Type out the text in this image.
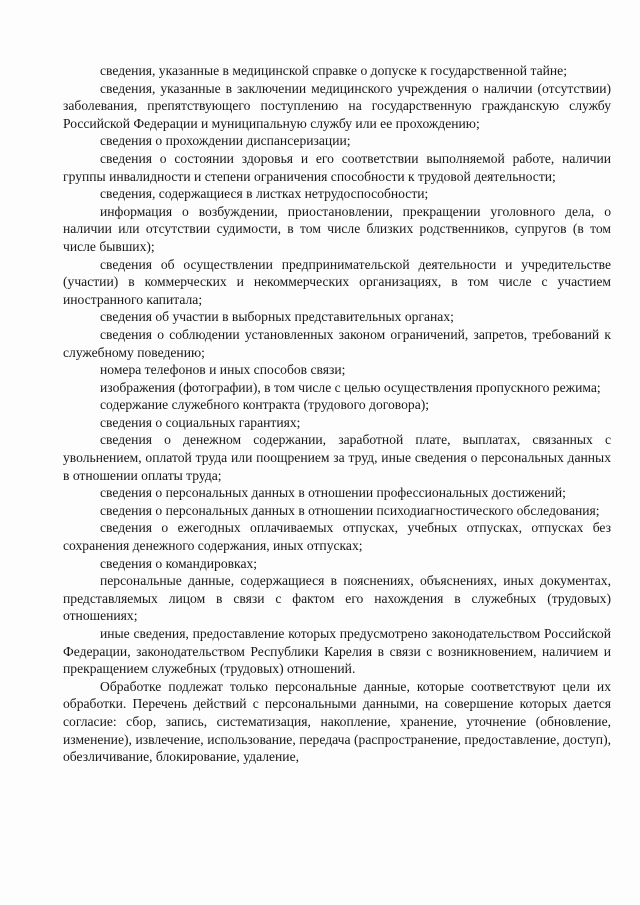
сведения, указанные в медицинской справке о допуске к государственной тайне;

сведения, указанные в заключении медицинского учреждения о наличии (отсутствии) заболевания, препятствующего поступлению на государственную гражданскую службу Российской Федерации и муниципальную службу или ее прохождению;

сведения о прохождении диспансеризации;

сведения о состоянии здоровья и его соответствии выполняемой работе, наличии группы инвалидности и степени ограничения способности к трудовой деятельности;

сведения, содержащиеся в листках нетрудоспособности;

информация о возбуждении, приостановлении, прекращении уголовного дела, о наличии или отсутствии судимости, в том числе близких родственников, супругов (в том числе бывших);

сведения об осуществлении предпринимательской деятельности и учредительстве (участии) в коммерческих и некоммерческих организациях, в том числе с участием иностранного капитала;

сведения об участии в выборных представительных органах;

сведения о соблюдении установленных законом ограничений, запретов, требований к служебному поведению;

номера телефонов и иных способов связи;

изображения (фотографии), в том числе с целью осуществления пропускного режима;

содержание служебного контракта (трудового договора);

сведения о социальных гарантиях;

сведения о денежном содержании, заработной плате, выплатах, связанных с увольнением, оплатой труда или поощрением за труд, иные сведения о персональных данных в отношении оплаты труда;

сведения о персональных данных в отношении профессиональных достижений;

сведения о персональных данных в отношении психодиагностического обследования;

сведения о ежегодных оплачиваемых отпусках, учебных отпусках, отпусках без сохранения денежного содержания, иных отпусках;

сведения о командировках;

персональные данные, содержащиеся в пояснениях, объяснениях, иных документах, представляемых лицом в связи с фактом его нахождения в служебных (трудовых) отношениях;

иные сведения, предоставление которых предусмотрено законодательством Российской Федерации, законодательством Республики Карелия в связи с возникновением, наличием и прекращением служебных (трудовых) отношений.

Обработке подлежат только персональные данные, которые соответствуют цели их обработки. Перечень действий с персональными данными, на совершение которых дается согласие: сбор, запись, систематизация, накопление, хранение, уточнение (обновление, изменение), извлечение, использование, передача (распространение, предоставление, доступ), обезличивание, блокирование, удаление,
